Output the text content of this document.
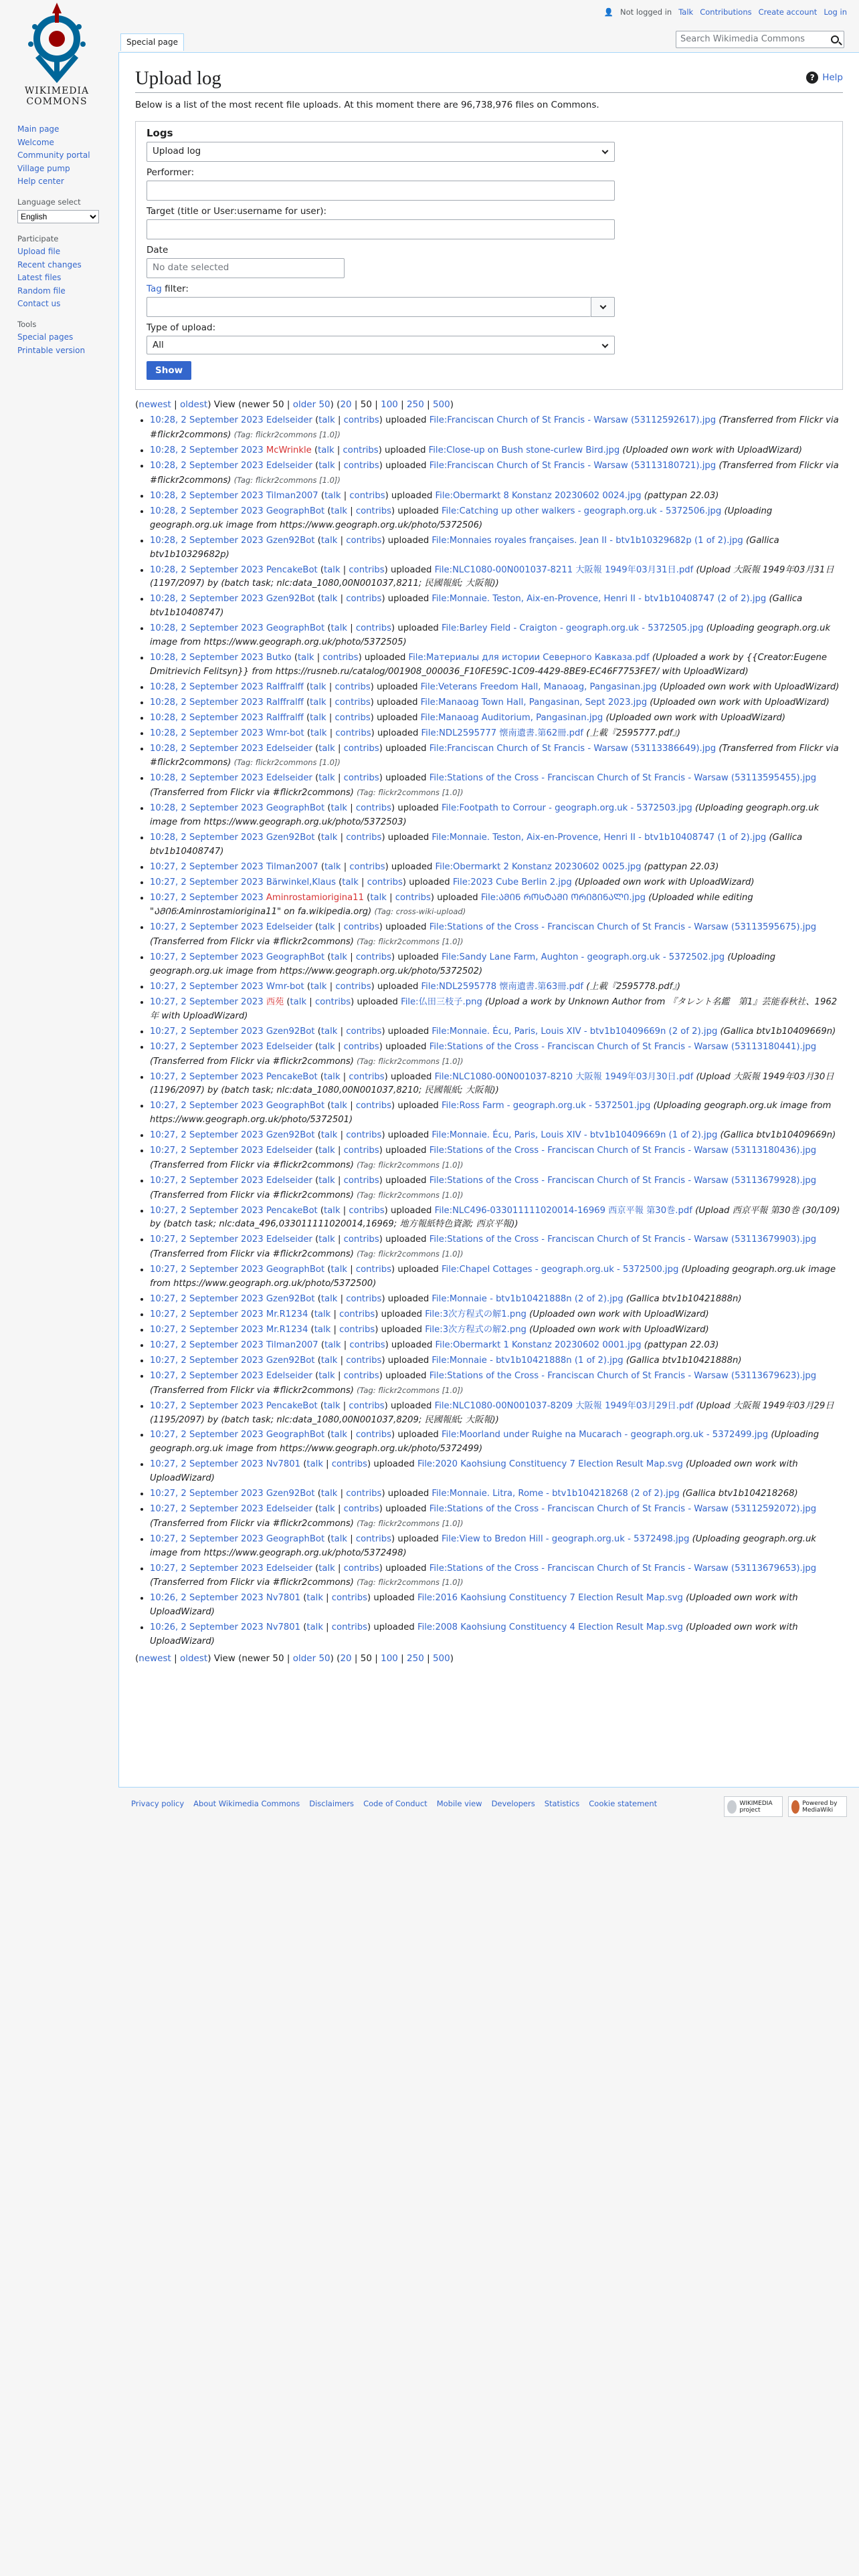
WIKIMEDIA
COMMONS
👤 Not logged in Talk Contributions Create account Log in
Special page	Search Wikimedia Commons
Main page
Welcome
Community portal
Village pump
Help center
Language select
English
Participate
Upload file
Recent changes
Latest files
Random file
Contact us
Tools
Special pages
Printable version
? Help
Upload log

Below is a list of the most recent file uploads. At this moment there are 96,738,976 files on Commons.

Logs
Upload log
Performer:
Target (title or User:username for user):
Date
No date selected
Tag filter:
Type of upload:
All
Show
(newest | oldest) View (newer 50 | older 50) (20 | 50 | 100 | 250 | 500)
• 10:28, 2 September 2023 Edelseider (talk | contribs) uploaded File:Franciscan Church of St Francis - Warsaw (53112592617).jpg (Transferred from Flickr via #flickr2commons) (Tag: flickr2commons [1.0])
• 10:28, 2 September 2023 McWrinkle (talk | contribs) uploaded File:Close-up on Bush stone-curlew Bird.jpg (Uploaded own work with UploadWizard)
• 10:28, 2 September 2023 Edelseider (talk | contribs) uploaded File:Franciscan Church of St Francis - Warsaw (53113180721).jpg (Transferred from Flickr via #flickr2commons) (Tag: flickr2commons [1.0])
• 10:28, 2 September 2023 Tilman2007 (talk | contribs) uploaded File:Obermarkt 8 Konstanz 20230602 0024.jpg (pattypan 22.03)
• 10:28, 2 September 2023 GeographBot (talk | contribs) uploaded File:Catching up other walkers - geograph.org.uk - 5372506.jpg (Uploading geograph.org.uk image from https://www.geograph.org.uk/photo/5372506)
• 10:28, 2 September 2023 Gzen92Bot (talk | contribs) uploaded File:Monnaies royales françaises. Jean II - btv1b10329682p (1 of 2).jpg (Gallica btv1b10329682p)
• 10:28, 2 September 2023 PencakeBot (talk | contribs) uploaded File:NLC1080-00N001037-8211 大阪報 1949年03月31日.pdf (Upload 大阪報 1949年03月31日 (1197/2097) by (batch task; nlc:data_1080,00N001037,8211; 民國報紙; 大阪報))
• 10:28, 2 September 2023 Gzen92Bot (talk | contribs) uploaded File:Monnaie. Teston, Aix-en-Provence, Henri II - btv1b10408747 (2 of 2).jpg (Gallica btv1b10408747)
• 10:28, 2 September 2023 GeographBot (talk | contribs) uploaded File:Barley Field - Craigton - geograph.org.uk - 5372505.jpg (Uploading geograph.org.uk image from https://www.geograph.org.uk/photo/5372505)
• 10:28, 2 September 2023 Butko (talk | contribs) uploaded File:Материалы для истории Северного Кавказа.pdf (Uploaded a work by {{Creator:Eugene Dmitrievich Felitsyn}} from https://rusneb.ru/catalog/001908_000036_F10FE59C-1C09-4429-8BE9-EC46F7753FE7/ with UploadWizard)
• 10:28, 2 September 2023 Ralffralff (talk | contribs) uploaded File:Veterans Freedom Hall, Manaoag, Pangasinan.jpg (Uploaded own work with UploadWizard)
• 10:28, 2 September 2023 Ralffralff (talk | contribs) uploaded File:Manaoag Town Hall, Pangasinan, Sept 2023.jpg (Uploaded own work with UploadWizard)
• 10:28, 2 September 2023 Ralffralff (talk | contribs) uploaded File:Manaoag Auditorium, Pangasinan.jpg (Uploaded own work with UploadWizard)
• 10:28, 2 September 2023 Wmr-bot (talk | contribs) uploaded File:NDL2595777 懐南遺書.第62冊.pdf (上載『2595777.pdf』)
• 10:28, 2 September 2023 Edelseider (talk | contribs) uploaded File:Franciscan Church of St Francis - Warsaw (53113386649).jpg (Transferred from Flickr via #flickr2commons) (Tag: flickr2commons [1.0])
• 10:28, 2 September 2023 Edelseider (talk | contribs) uploaded File:Stations of the Cross - Franciscan Church of St Francis - Warsaw (53113595455).jpg (Transferred from Flickr via #flickr2commons) (Tag: flickr2commons [1.0])
• 10:28, 2 September 2023 GeographBot (talk | contribs) uploaded File:Footpath to Corrour - geograph.org.uk - 5372503.jpg (Uploading geograph.org.uk image from https://www.geograph.org.uk/photo/5372503)
• 10:28, 2 September 2023 Gzen92Bot (talk | contribs) uploaded File:Monnaie. Teston, Aix-en-Provence, Henri II - btv1b10408747 (1 of 2).jpg (Gallica btv1b10408747)
• 10:27, 2 September 2023 Tilman2007 (talk | contribs) uploaded File:Obermarkt 2 Konstanz 20230602 0025.jpg (pattypan 22.03)
• 10:27, 2 September 2023 Bärwinkel,Klaus (talk | contribs) uploaded File:2023 Cube Berlin 2.jpg (Uploaded own work with UploadWizard)
• 10:27, 2 September 2023 Aminrostamiorigina11 (talk | contribs) uploaded File:ᲐᲛᲘᲜ ᲠᲝᲡᲢᲐᲛᲘ ᲝᲠᲘᲒᲘᲜᲐᲚᲘ.jpg (Uploaded while editing "ᲐᲛᲘᲜ:Aminrostamiorigina11" on fa.wikipedia.org) (Tag: cross-wiki-upload)
• 10:27, 2 September 2023 Edelseider (talk | contribs) uploaded File:Stations of the Cross - Franciscan Church of St Francis - Warsaw (53113595675).jpg (Transferred from Flickr via #flickr2commons) (Tag: flickr2commons [1.0])
• 10:27, 2 September 2023 GeographBot (talk | contribs) uploaded File:Sandy Lane Farm, Aughton - geograph.org.uk - 5372502.jpg (Uploading geograph.org.uk image from https://www.geograph.org.uk/photo/5372502)
• 10:27, 2 September 2023 Wmr-bot (talk | contribs) uploaded File:NDL2595778 懐南遺書.第63冊.pdf (上載『2595778.pdf』)
• 10:27, 2 September 2023 西苑 (talk | contribs) uploaded File:仏田三枝子.png (Upload a work by Unknown Author from 『タレント名鑑　第1』芸能春秋社、1962年 with UploadWizard)
• 10:27, 2 September 2023 Gzen92Bot (talk | contribs) uploaded File:Monnaie. Écu, Paris, Louis XIV - btv1b10409669n (2 of 2).jpg (Gallica btv1b10409669n)
• 10:27, 2 September 2023 Edelseider (talk | contribs) uploaded File:Stations of the Cross - Franciscan Church of St Francis - Warsaw (53113180441).jpg (Transferred from Flickr via #flickr2commons) (Tag: flickr2commons [1.0])
• 10:27, 2 September 2023 PencakeBot (talk | contribs) uploaded File:NLC1080-00N001037-8210 大阪報 1949年03月30日.pdf (Upload 大阪報 1949年03月30日 (1196/2097) by (batch task; nlc:data_1080,00N001037,8210; 民國報紙; 大阪報))
• 10:27, 2 September 2023 GeographBot (talk | contribs) uploaded File:Ross Farm - geograph.org.uk - 5372501.jpg (Uploading geograph.org.uk image from https://www.geograph.org.uk/photo/5372501)
• 10:27, 2 September 2023 Gzen92Bot (talk | contribs) uploaded File:Monnaie. Écu, Paris, Louis XIV - btv1b10409669n (1 of 2).jpg (Gallica btv1b10409669n)
• 10:27, 2 September 2023 Edelseider (talk | contribs) uploaded File:Stations of the Cross - Franciscan Church of St Francis - Warsaw (53113180436).jpg (Transferred from Flickr via #flickr2commons) (Tag: flickr2commons [1.0])
• 10:27, 2 September 2023 Edelseider (talk | contribs) uploaded File:Stations of the Cross - Franciscan Church of St Francis - Warsaw (53113679928).jpg (Transferred from Flickr via #flickr2commons) (Tag: flickr2commons [1.0])
• 10:27, 2 September 2023 PencakeBot (talk | contribs) uploaded File:NLC496-033011111020014-16969 西京平報 第30巻.pdf (Upload 西京平報 第30巻 (30/109) by (batch task; nlc:data_496,033011111020014,16969; 地方報紙特色資源; 西京平報))
• 10:27, 2 September 2023 Edelseider (talk | contribs) uploaded File:Stations of the Cross - Franciscan Church of St Francis - Warsaw (53113679903).jpg (Transferred from Flickr via #flickr2commons) (Tag: flickr2commons [1.0])
• 10:27, 2 September 2023 GeographBot (talk | contribs) uploaded File:Chapel Cottages - geograph.org.uk - 5372500.jpg (Uploading geograph.org.uk image from https://www.geograph.org.uk/photo/5372500)
• 10:27, 2 September 2023 Gzen92Bot (talk | contribs) uploaded File:Monnaie - btv1b10421888n (2 of 2).jpg (Gallica btv1b10421888n)
• 10:27, 2 September 2023 Mr.R1234 (talk | contribs) uploaded File:3次方程式の解1.png (Uploaded own work with UploadWizard)
• 10:27, 2 September 2023 Mr.R1234 (talk | contribs) uploaded File:3次方程式の解2.png (Uploaded own work with UploadWizard)
• 10:27, 2 September 2023 Tilman2007 (talk | contribs) uploaded File:Obermarkt 1 Konstanz 20230602 0001.jpg (pattypan 22.03)
• 10:27, 2 September 2023 Gzen92Bot (talk | contribs) uploaded File:Monnaie - btv1b10421888n (1 of 2).jpg (Gallica btv1b10421888n)
• 10:27, 2 September 2023 Edelseider (talk | contribs) uploaded File:Stations of the Cross - Franciscan Church of St Francis - Warsaw (53113679623).jpg (Transferred from Flickr via #flickr2commons) (Tag: flickr2commons [1.0])
• 10:27, 2 September 2023 PencakeBot (talk | contribs) uploaded File:NLC1080-00N001037-8209 大阪報 1949年03月29日.pdf (Upload 大阪報 1949年03月29日 (1195/2097) by (batch task; nlc:data_1080,00N001037,8209; 民國報紙; 大阪報))
• 10:27, 2 September 2023 GeographBot (talk | contribs) uploaded File:Moorland under Ruighe na Mucarach - geograph.org.uk - 5372499.jpg (Uploading geograph.org.uk image from https://www.geograph.org.uk/photo/5372499)
• 10:27, 2 September 2023 Nv7801 (talk | contribs) uploaded File:2020 Kaohsiung Constituency 7 Election Result Map.svg (Uploaded own work with UploadWizard)
• 10:27, 2 September 2023 Gzen92Bot (talk | contribs) uploaded File:Monnaie. Litra, Rome - btv1b104218268 (2 of 2).jpg (Gallica btv1b104218268)
• 10:27, 2 September 2023 Edelseider (talk | contribs) uploaded File:Stations of the Cross - Franciscan Church of St Francis - Warsaw (53112592072).jpg (Transferred from Flickr via #flickr2commons) (Tag: flickr2commons [1.0])
• 10:27, 2 September 2023 GeographBot (talk | contribs) uploaded File:View to Bredon Hill - geograph.org.uk - 5372498.jpg (Uploading geograph.org.uk image from https://www.geograph.org.uk/photo/5372498)
• 10:27, 2 September 2023 Edelseider (talk | contribs) uploaded File:Stations of the Cross - Franciscan Church of St Francis - Warsaw (53113679653).jpg (Transferred from Flickr via #flickr2commons) (Tag: flickr2commons [1.0])
• 10:26, 2 September 2023 Nv7801 (talk | contribs) uploaded File:2016 Kaohsiung Constituency 7 Election Result Map.svg (Uploaded own work with UploadWizard)
• 10:26, 2 September 2023 Nv7801 (talk | contribs) uploaded File:2008 Kaohsiung Constituency 4 Election Result Map.svg (Uploaded own work with UploadWizard)
(newest | oldest) View (newer 50 | older 50) (20 | 50 | 100 | 250 | 500)
Privacy policy About Wikimedia Commons Disclaimers Code of Conduct Mobile view Developers Statistics Cookie statement	WIKIMEDIA project
Powered by MediaWiki
